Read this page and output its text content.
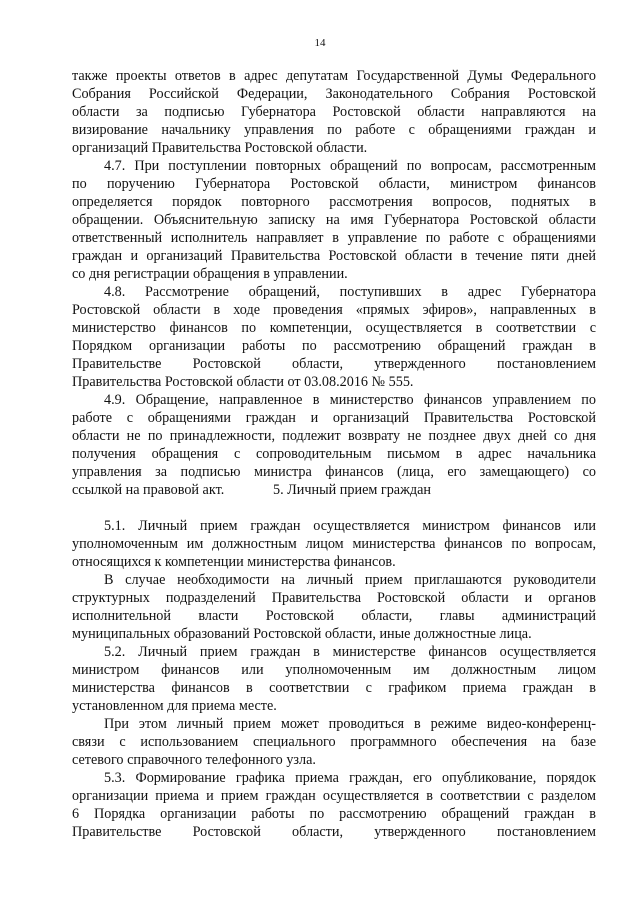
14
также проекты ответов в адрес депутатам Государственной Думы Федерального
Собрания Российской Федерации, Законодательного Собрания Ростовской
области за подписью Губернатора Ростовской области направляются на
визирование начальнику управления по работе с обращениями граждан и
организаций Правительства Ростовской области.
4.7. При поступлении повторных обращений по вопросам, рассмотренным
по поручению Губернатора Ростовской области, министром финансов
определяется порядок повторного рассмотрения вопросов, поднятых в
обращении. Объяснительную записку на имя Губернатора Ростовской области
ответственный исполнитель направляет в управление по работе с обращениями
граждан и организаций Правительства Ростовской области в течение пяти дней
со дня регистрации обращения в управлении.
4.8. Рассмотрение обращений, поступивших в адрес Губернатора
Ростовской области в ходе проведения «прямых эфиров», направленных в
министерство финансов по компетенции, осуществляется в соответствии с
Порядком организации работы по рассмотрению обращений граждан в
Правительстве Ростовской области, утвержденного постановлением
Правительства Ростовской области от 03.08.2016 № 555.
4.9. Обращение, направленное в министерство финансов управлением по
работе с обращениями граждан и организаций Правительства Ростовской
области не по принадлежности, подлежит возврату не позднее двух дней со дня
получения обращения с сопроводительным письмом в адрес начальника
управления за подписью министра финансов (лица, его замещающего) со
ссылкой на правовой акт.	5. Личный прием граждан
5.1. Личный прием граждан осуществляется министром финансов или
уполномоченным им должностным лицом министерства финансов по вопросам,
относящихся к компетенции министерства финансов.
В случае необходимости на личный прием приглашаются руководители
структурных подразделений Правительства Ростовской области и органов
исполнительной власти Ростовской области, главы администраций
муниципальных образований Ростовской области, иные должностные лица.
5.2. Личный прием граждан в министерстве финансов осуществляется
министром финансов или уполномоченным им должностным лицом
министерства финансов в соответствии с графиком приема граждан в
установленном для приема месте.
При этом личный прием может проводиться в режиме видео-конференц-
связи с использованием специального программного обеспечения на базе
сетевого справочного телефонного узла.
5.3. Формирование графика приема граждан, его опубликование, порядок
организации приема и прием граждан осуществляется в соответствии с разделом
6 Порядка организации работы по рассмотрению обращений граждан в
Правительстве Ростовской области, утвержденного постановлением
